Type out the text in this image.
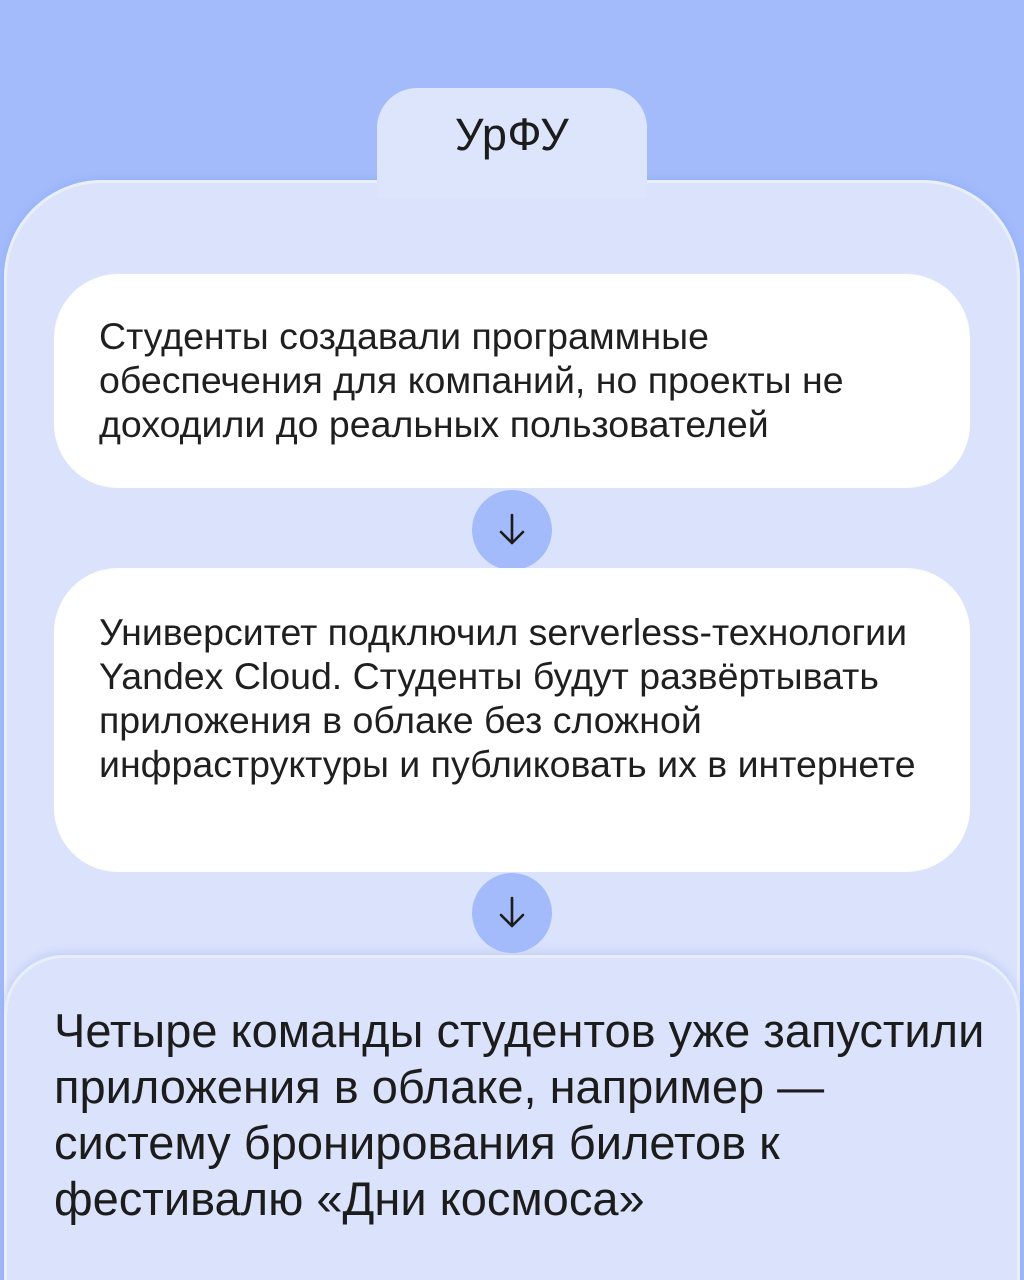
УрФУ

Студенты создавали программные обеспечения для компаний, но проекты не доходили до реальных пользователей

Университет подключил serverless-технологии Yandex Cloud. Студенты будут развёртывать приложения в облаке без сложной инфраструктуры и публиковать их в интернете

Четыре команды студентов уже запустили приложения в облаке, например — систему бронирования билетов к фестивалю «Дни космоса»
